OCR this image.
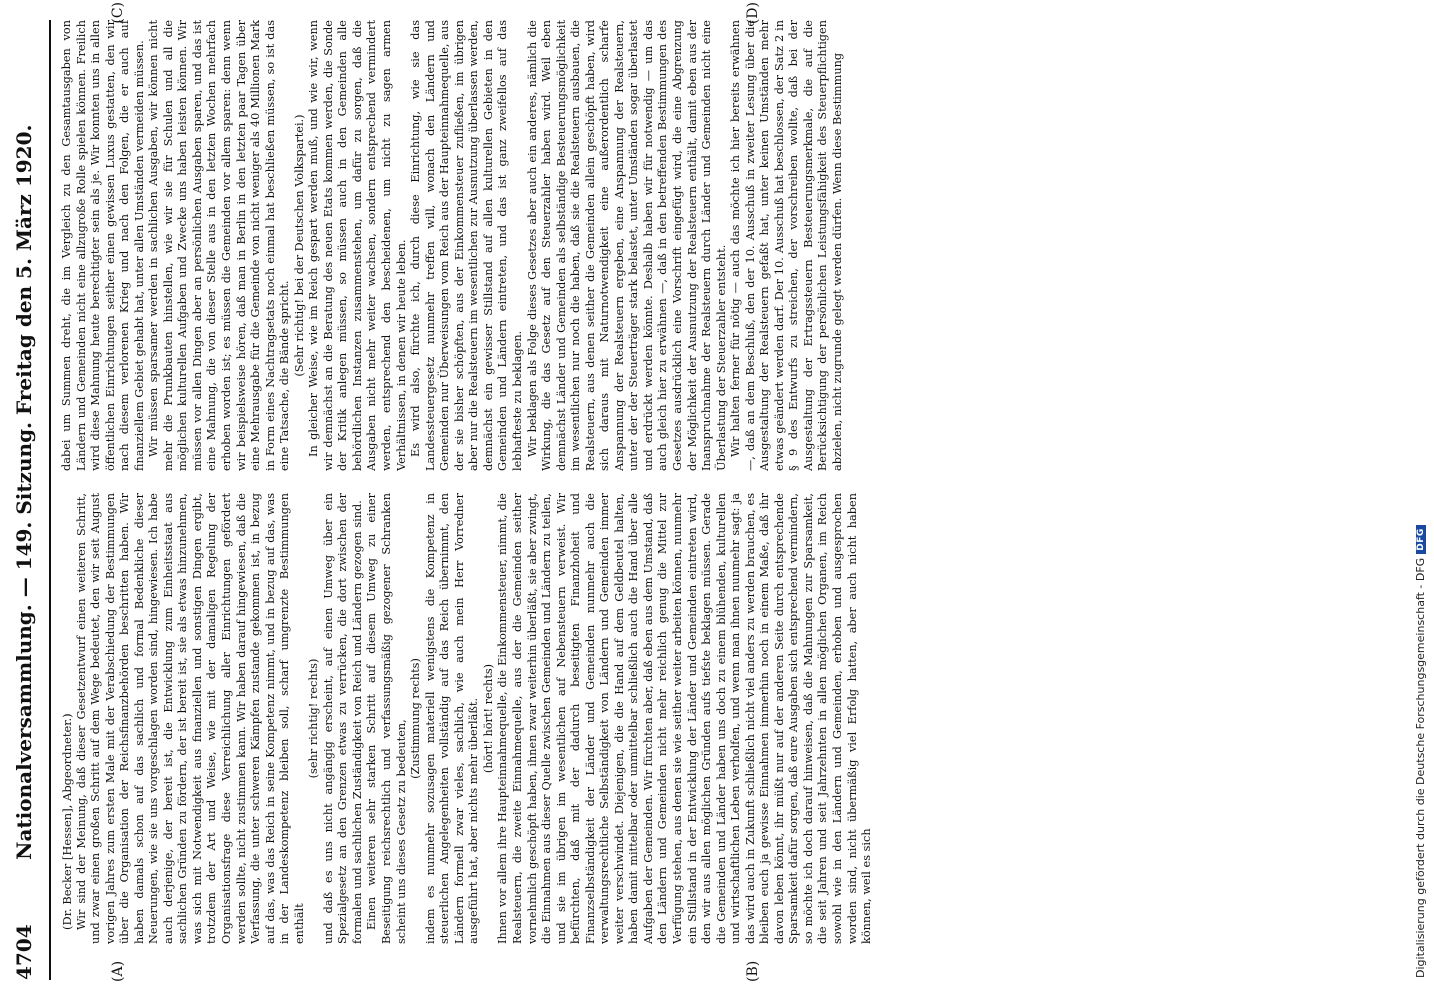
4704
Nationalversammlung. — 149. Sitzung. Freitag den 5. März 1920.
(A)	(B)
(C)	(D)

(Dr. Becker [Hessen], Abgeordneter.) Wir sind der Meinung, daß dieser Gesetzentwurf einen weiteren Schritt, und zwar einen großen Schritt auf dem Wege bedeutet, den wir seit August vorigen Jahres zum ersten Male mit der Verabschiedung der Bestimmungen über die Organisation der Reichsfinanzbehörden beschritten haben. Wir haben damals schon auf das sachlich und formal Bedenkliche dieser Neuerungen, wie sie uns vorgeschlagen worden sind, hingewiesen. Ich habe auch derjenige, der bereit ist, die Entwicklung zum Einheitsstaat aus sachlichen Gründen zu fördern, der ist bereit ist, sie als etwas hinzunehmen, was sich mit Notwendigkeit aus finanziellen und sonstigen Dingen ergibt, trotzdem der Art und Weise, wie mit der damaligen Regelung der Organisationsfrage diese Verreichlichung aller Einrichtungen gefördert werden sollte, nicht zustimmen kann. Wir haben darauf hingewiesen, daß die Verfassung, die unter schweren Kämpfen zustande gekommen ist, in bezug auf das, was das Reich in seine Kompetenz nimmt, und in bezug auf das, was in der Landeskompetenz bleiben soll, scharf umgrenzte Bestimmungen enthält

(sehr richtig! rechts) und daß es uns nicht angängig erscheint, auf einen Umweg über ein Spezialgesetz an den Grenzen etwas zu verrücken, die dort zwischen der formalen und sachlichen Zuständigkeit von Reich und Ländern gezogen sind. Einen weiteren sehr starken Schritt auf diesem Umweg zu einer Beseitigung reichsrechtlich und verfassungsmäßig gezogener Schranken scheint uns dieses Gesetz zu bedeuten,

(Zustimmung rechts) indem es nunmehr sozusagen materiell wenigstens die Kompetenz in steuerlichen Angelegenheiten vollständig auf das Reich übernimmt, den Ländern formell zwar vieles, sachlich, wie auch mein Herr Vorredner ausgeführt hat, aber nichts mehr überläßt. (hört! hört! rechts) Ihnen vor allem ihre Haupteinnahmequelle, die Einkommensteuer, nimmt, die Realsteuern, die zweite Einnahmequelle, aus der die Gemeinden seither vornehmlich geschöpft haben, ihnen zwar weiterhin überläßt, sie aber zwingt, die Einnahmen aus dieser Quelle zwischen Gemeinden und Ländern zu teilen, und sie im übrigen im wesentlichen auf Nebensteuern verweist. Wir befürchten, daß mit der dadurch beseitigten Finanzhoheit und Finanzselbständigkeit der Länder und Gemeinden nunmehr auch die verwaltungsrechtliche Selbständigkeit von Ländern und Gemeinden immer weiter verschwindet. Diejenigen, die die Hand auf dem Geldbeutel halten, haben damit mittelbar oder unmittelbar schließlich auch die Hand über alle Aufgaben der Gemeinden. Wir fürchten aber, daß eben aus dem Umstand, daß den Ländern und Gemeinden nicht mehr reichlich genug die Mittel zur Verfügung stehen, aus denen sie wie seither weiter arbeiten können, nunmehr ein Stillstand in der Entwicklung der Länder und Gemeinden eintreten wird, den wir aus allen möglichen Gründen aufs tiefste beklagen müssen. Gerade die Gemeinden und Länder haben uns doch zu einem blühenden, kulturellen und wirtschaftlichen Leben verholfen, und wenn man ihnen nunmehr sagt: ja das wird auch in Zukunft schließlich nicht viel anders zu werden brauchen, es bleiben euch ja gewisse Einnahmen immerhin noch in einem Maße, daß ihr davon leben könnt, ihr müßt nur auf der anderen Seite durch entsprechende Sparsamkeit dafür sorgen, daß eure Ausgaben sich entsprechend vermindern, so möchte ich doch darauf hinweisen, daß die Mahnungen zur Sparsamkeit, die seit Jahren und seit Jahrzehnten in allen möglichen Organen, im Reich sowohl wie in den Ländern und Gemeinden, erhoben und ausgesprochen worden sind, nicht übermäßig viel Erfolg hatten, aber auch nicht haben können, weil es sich

dabei um Summen dreht, die im Vergleich zu den Gesamtausgaben von Ländern und Gemeinden nicht eine allzugroße Rolle spielen können. Freilich wird diese Mahnung heute berechtigter sein als je. Wir konnten uns in allen öffentlichen Einrichtungen seither einen gewissen Luxus gestatten, den wir nach diesem verlorenen Krieg und nach den Folgen, die er auch auf finanziellem Gebiet gehabt hat, unter allen Umständen vermeiden müssen. Wir müssen sparsamer werden in sachlichen Ausgaben, wir können nicht mehr die Prunkbauten hinstellen, wie wir sie für Schulen und all die möglichen kulturellen Aufgaben und Zwecke uns haben leisten können. Wir müssen vor allen Dingen aber an persönlichen Ausgaben sparen, und das ist eine Mahnung, die von dieser Stelle aus in den letzten Wochen mehrfach erhoben worden ist; es müssen die Gemeinden vor allem sparen: denn wenn wir beispielsweise hören, daß man in Berlin in den letzten paar Tagen über eine Mehrausgabe für die Gemeinde von nicht weniger als 40 Millionen Mark in Form eines Nachtragsetats noch einmal hat beschließen müssen, so ist das eine Tatsache, die Bände spricht. (Sehr richtig! bei der Deutschen Volkspartei.) In gleicher Weise, wie im Reich gespart werden muß, und wie wir, wenn wir demnächst an die Beratung des neuen Etats kommen werden, die Sonde der Kritik anlegen müssen, so müssen auch in den Gemeinden alle behördlichen Instanzen zusammenstehen, um dafür zu sorgen, daß die Ausgaben nicht mehr weiter wachsen, sondern entsprechend vermindert werden, entsprechend den bescheidenen, um nicht zu sagen armen Verhältnissen, in denen wir heute leben. Es wird also, fürchte ich, durch diese Einrichtung, wie sie das Landessteuergesetz nunmehr treffen will, wonach den Ländern und Gemeinden nur Überweisungen vom Reich aus der Haupteinnahmequelle, aus der sie bisher schöpften, aus der Einkommensteuer zufließen, im übrigen aber nur die Realsteuern im wesentlichen zur Ausnutzung überlassen werden, demnächst ein gewisser Stillstand auf allen kulturellen Gebieten in den Gemeinden und Ländern eintreten, und das ist ganz zweifellos auf das lebhafteste zu beklagen. Wir beklagen als Folge dieses Gesetzes aber auch ein anderes, nämlich die Wirkung, die das Gesetz auf den Steuerzahler haben wird. Weil eben demnächst Länder und Gemeinden als selbständige Besteuerungsmöglichkeit im wesentlichen nur noch die haben, daß sie die Realsteuern ausbauen, die Realsteuern, aus denen seither die Gemeinden allein geschöpft haben, wird sich daraus mit Naturnotwendigkeit eine außerordentlich scharfe Anspannung der Realsteuern ergeben, eine Anspannung der Realsteuern, unter der der Steuerträger stark belastet, unter Umständen sogar überlastet und erdrückt werden könnte. Deshalb haben wir für notwendig — um das auch gleich hier zu erwähnen —, daß in den betreffenden Bestimmungen des Gesetzes ausdrücklich eine Vorschrift eingefügt wird, die eine Abgrenzung der Möglichkeit der Ausnutzung der Realsteuern enthält, damit eben aus der Inanspruchnahme der Realsteuern durch Länder und Gemeinden nicht eine Überlastung der Steuerzahler entsteht. Wir halten ferner für nötig — auch das möchte ich hier bereits erwähnen —, daß an dem Beschluß, den der 10. Ausschuß in zweiter Lesung über die Ausgestaltung der Realsteuern gefaßt hat, unter keinen Umständen mehr etwas geändert werden darf. Der 10. Ausschuß hat beschlossen, der Satz 2 in § 9 des Entwurfs zu streichen, der vorschreiben wollte, daß bei der Ausgestaltung der Ertragssteuern Besteuerungsmerkmale, die auf die Berücksichtigung der persönlichen Leistungsfähigkeit des Steuerpflichtigen abzielen, nicht zugrunde gelegt werden dürfen. Wenn diese Bestimmung

Digitalisierung gefördert durch die Deutsche Forschungsgemeinschaft - DFG
DFG
